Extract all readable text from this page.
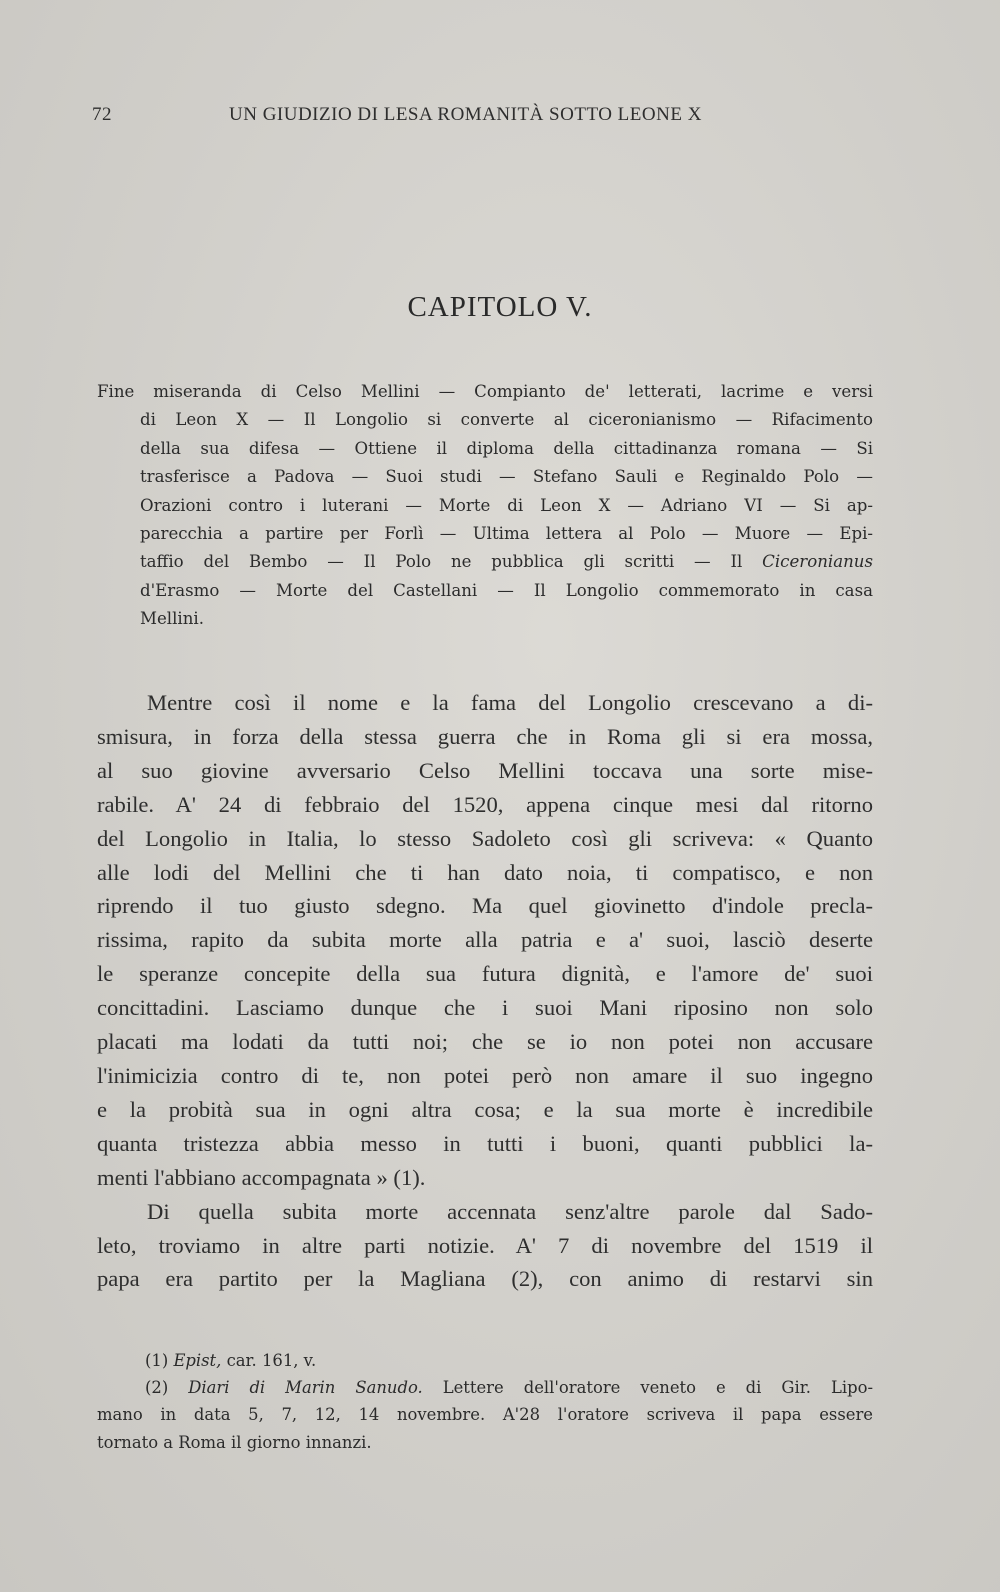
72	UN GIUDIZIO DI LESA ROMANITÀ SOTTO LEONE X
CAPITOLO V.
Fine miseranda di Celso Mellini — Compianto de' letterati, lacrime e versi
di Leon X — Il Longolio si converte al ciceronianismo — Rifacimento
della sua difesa — Ottiene il diploma della cittadinanza romana — Si
trasferisce a Padova — Suoi studi — Stefano Sauli e Reginaldo Polo —
Orazioni contro i luterani — Morte di Leon X — Adriano VI — Si ap-
parecchia a partire per Forlì — Ultima lettera al Polo — Muore — Epi-
taffio del Bembo — Il Polo ne pubblica gli scritti — Il Ciceronianus
d'Erasmo — Morte del Castellani — Il Longolio commemorato in casa
Mellini.
Mentre così il nome e la fama del Longolio crescevano a di-
smisura, in forza della stessa guerra che in Roma gli si era mossa,
al suo giovine avversario Celso Mellini toccava una sorte mise-
rabile. A' 24 di febbraio del 1520, appena cinque mesi dal ritorno
del Longolio in Italia, lo stesso Sadoleto così gli scriveva: « Quanto
alle lodi del Mellini che ti han dato noia, ti compatisco, e non
riprendo il tuo giusto sdegno. Ma quel giovinetto d'indole precla-
rissima, rapito da subita morte alla patria e a' suoi, lasciò deserte
le speranze concepite della sua futura dignità, e l'amore de' suoi
concittadini. Lasciamo dunque che i suoi Mani riposino non solo
placati ma lodati da tutti noi; che se io non potei non accusare
l'inimicizia contro di te, non potei però non amare il suo ingegno
e la probità sua in ogni altra cosa; e la sua morte è incredibile
quanta tristezza abbia messo in tutti i buoni, quanti pubblici la-
menti l'abbiano accompagnata » (1).
Di quella subita morte accennata senz'altre parole dal Sado-
leto, troviamo in altre parti notizie. A' 7 di novembre del 1519 il
papa era partito per la Magliana (2), con animo di restarvi sin
(1) Epist, car. 161, v.
(2) Diari di Marin Sanudo. Lettere dell'oratore veneto e di Gir. Lipo-
mano in data 5, 7, 12, 14 novembre. A'28 l'oratore scriveva il papa essere
tornato a Roma il giorno innanzi.
